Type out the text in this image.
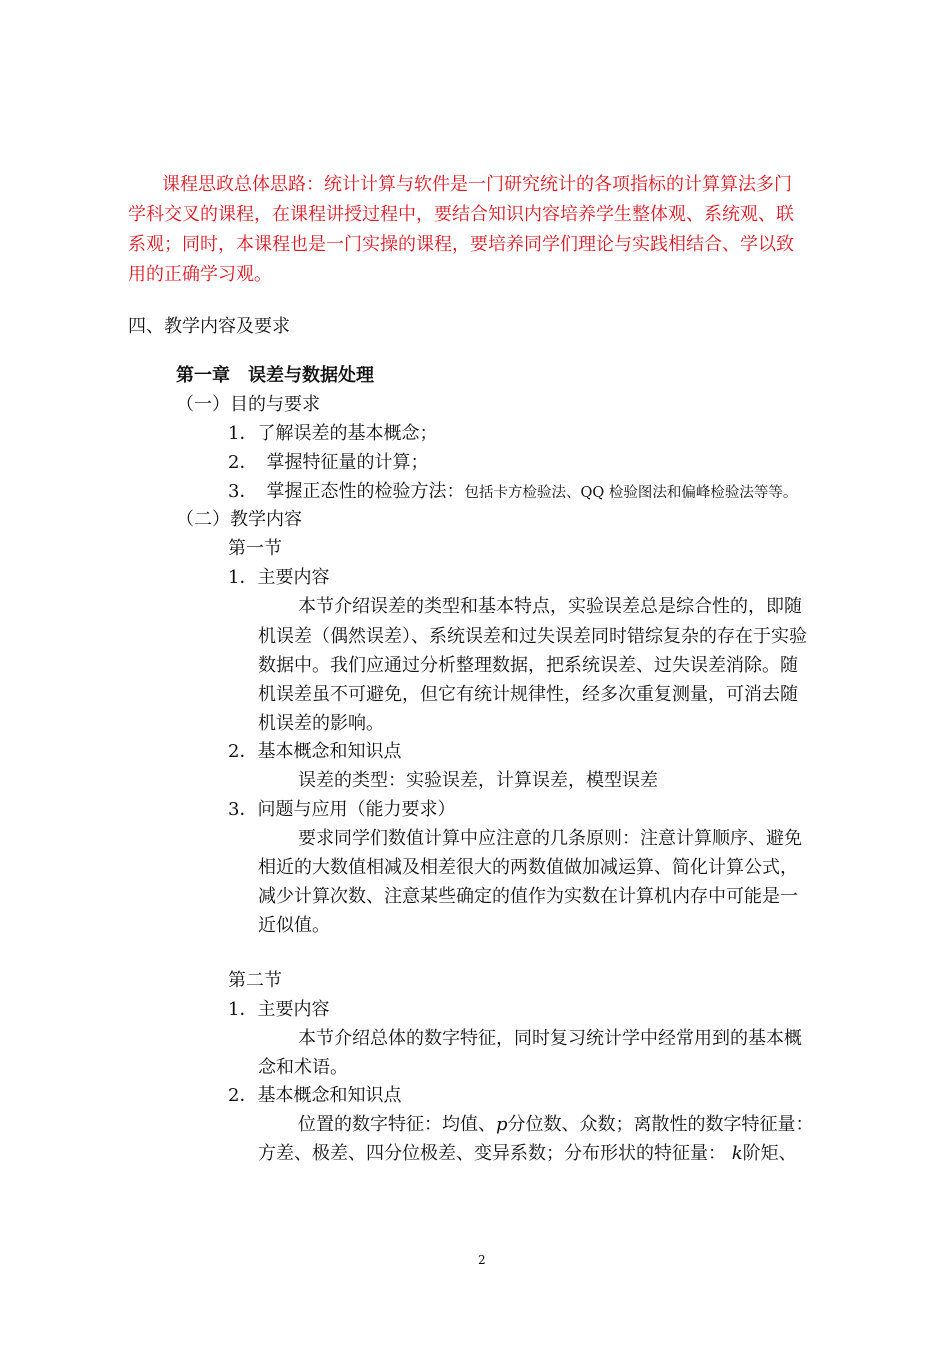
课程思政总体思路：统计计算与软件是一门研究统计的各项指标的计算算法多门
学科交叉的课程，在课程讲授过程中，要结合知识内容培养学生整体观、系统观、联
系观；同时，本课程也是一门实操的课程，要培养同学们理论与实践相结合、学以致
用的正确学习观。
四、教学内容及要求
第一章　误差与数据处理
（一）目的与要求
1．了解误差的基本概念；
2．　掌握特征量的计算；
3．　掌握正态性的检验方法：包括卡方检验法、QQ 检验图法和偏峰检验法等等。
（二）教学内容
第一节
1．主要内容
本节介绍误差的类型和基本特点，实验误差总是综合性的，即随
机误差（偶然误差）、系统误差和过失误差同时错综复杂的存在于实验
数据中。我们应通过分析整理数据，把系统误差、过失误差消除。随
机误差虽不可避免，但它有统计规律性，经多次重复测量，可消去随
机误差的影响。
2．基本概念和知识点
误差的类型：实验误差，计算误差，模型误差
3．问题与应用（能力要求）
要求同学们数值计算中应注意的几条原则：注意计算顺序、避免
相近的大数值相减及相差很大的两数值做加减运算、简化计算公式，
减少计算次数、注意某些确定的值作为实数在计算机内存中可能是一
近似值。
第二节
1．主要内容
本节介绍总体的数字特征，同时复习统计学中经常用到的基本概
念和术语。
2．基本概念和知识点
位置的数字特征：均值、p分位数、众数；离散性的数字特征量：
方差、极差、四分位极差、变异系数；分布形状的特征量： k阶矩、
2
